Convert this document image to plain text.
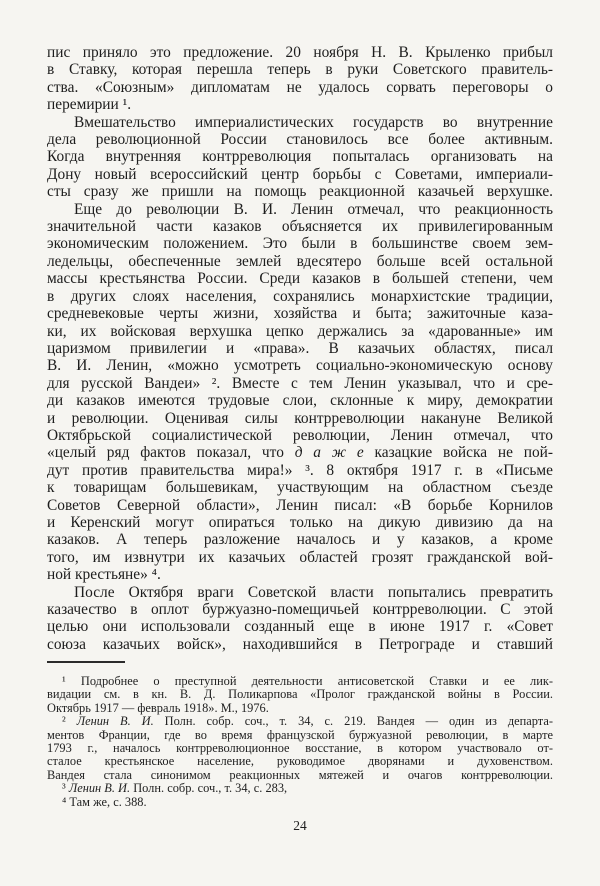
пис приняло это предложение. 20 ноября Н. В. Крыленко прибыл
в Ставку, которая перешла теперь в руки Советского правитель-
ства. «Союзным» дипломатам не удалось сорвать переговоры о
перемирии ¹.
Вмешательство империалистических государств во внутренние
дела революционной России становилось все более активным.
Когда внутренняя контрреволюция попыталась организовать на
Дону новый всероссийский центр борьбы с Советами, империали-
сты сразу же пришли на помощь реакционной казачьей верхушке.
Еще до революции В. И. Ленин отмечал, что реакционность
значительной части казаков объясняется их привилегированным
экономическим положением. Это были в большинстве своем зем-
ледельцы, обеспеченные землей вдесятеро больше всей остальной
массы крестьянства России. Среди казаков в большей степени, чем
в других слоях населения, сохранялись монархистские традиции,
средневековые черты жизни, хозяйства и быта; зажиточные каза-
ки, их войсковая верхушка цепко держались за «дарованные» им
царизмом привилегии и «права». В казачьих областях, писал
В. И. Ленин, «можно усмотреть социально-экономическую основу
для русской Вандеи» ². Вместе с тем Ленин указывал, что и сре-
ди казаков имеются трудовые слои, склонные к миру, демократии
и революции. Оценивая силы контрреволюции накануне Великой
Октябрьской социалистической революции, Ленин отмечал, что
«целый ряд фактов показал, что д а ж е казацкие войска не пой-
дут против правительства мира!» ³. 8 октября 1917 г. в «Письме
к товарищам большевикам, участвующим на областном съезде
Советов Северной области», Ленин писал: «В борьбе Корнилов
и Керенский могут опираться только на дикую дивизию да на
казаков. А теперь разложение началось и у казаков, а кроме
того, им извнутри их казачьих областей грозят гражданской вой-
ной крестьяне» ⁴.
После Октября враги Советской власти попытались превратить
казачество в оплот буржуазно-помещичьей контрреволюции. С этой
целью они использовали созданный еще в июне 1917 г. «Совет
союза казачьих войск», находившийся в Петрограде и ставший
¹ Подробнее о преступной деятельности антисоветской Ставки и ее лик-
видации см. в кн. В. Д. Поликарпова «Пролог гражданской войны в России.
Октябрь 1917 — февраль 1918». М., 1976.
² Ленин В. И. Полн. собр. соч., т. 34, с. 219. Вандея — один из департа-
ментов Франции, где во время французской буржуазной революции, в марте
1793 г., началось контрреволюционное восстание, в котором участвовало от-
сталое крестьянское население, руководимое дворянами и духовенством.
Вандея стала синонимом реакционных мятежей и очагов контрреволюции.
³ Ленин В. И. Полн. собр. соч., т. 34, с. 283,
⁴ Там же, с. 388.
24
